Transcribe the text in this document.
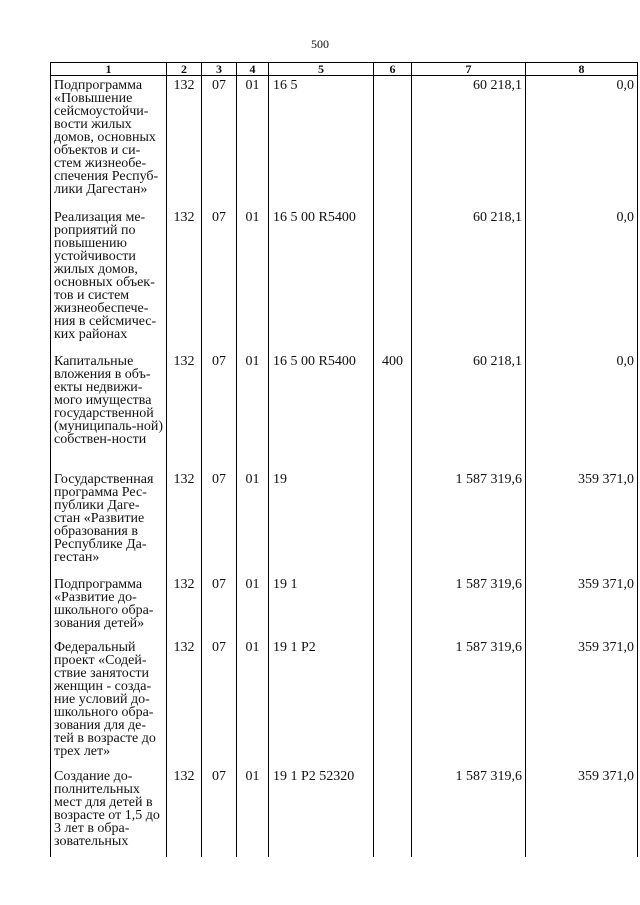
500
1	2	3	4	5	6	7	8
Подпрограмма «Повышение сейсмоустойчи-вости жилых домов, основных объектов и си-стем жизнеобе-спечения Респуб-лики Дагестан»	132	07	01	16 5		60 218,1	0,0
Реализация ме-роприятий по повышению устойчивости жилых домов, основных объек-тов и систем жизнеобеспече-ния в сейсмичес-ких районах	132	07	01	16 5 00 R5400		60 218,1	0,0
Капитальные вложения в объ-екты недвижи-мого имущества государственной (муниципаль-ной) собствен-ности	132	07	01	16 5 00 R5400	400	60 218,1	0,0
Государственная программа Рес-публики Даге-стан «Развитие образования в Республике Да-гестан»	132	07	01	19		1 587 319,6	359 371,0
Подпрограмма «Развитие до-школьного обра-зования детей»	132	07	01	19 1		1 587 319,6	359 371,0
Федеральный проект «Содей-ствие занятости женщин - созда-ние условий до-школьного обра-зования для де-тей в возрасте до трех лет»	132	07	01	19 1 P2		1 587 319,6	359 371,0
Создание до-полнительных мест для детей в возрасте от 1,5 до 3 лет в обра-зовательных	132	07	01	19 1 P2 52320		1 587 319,6	359 371,0
